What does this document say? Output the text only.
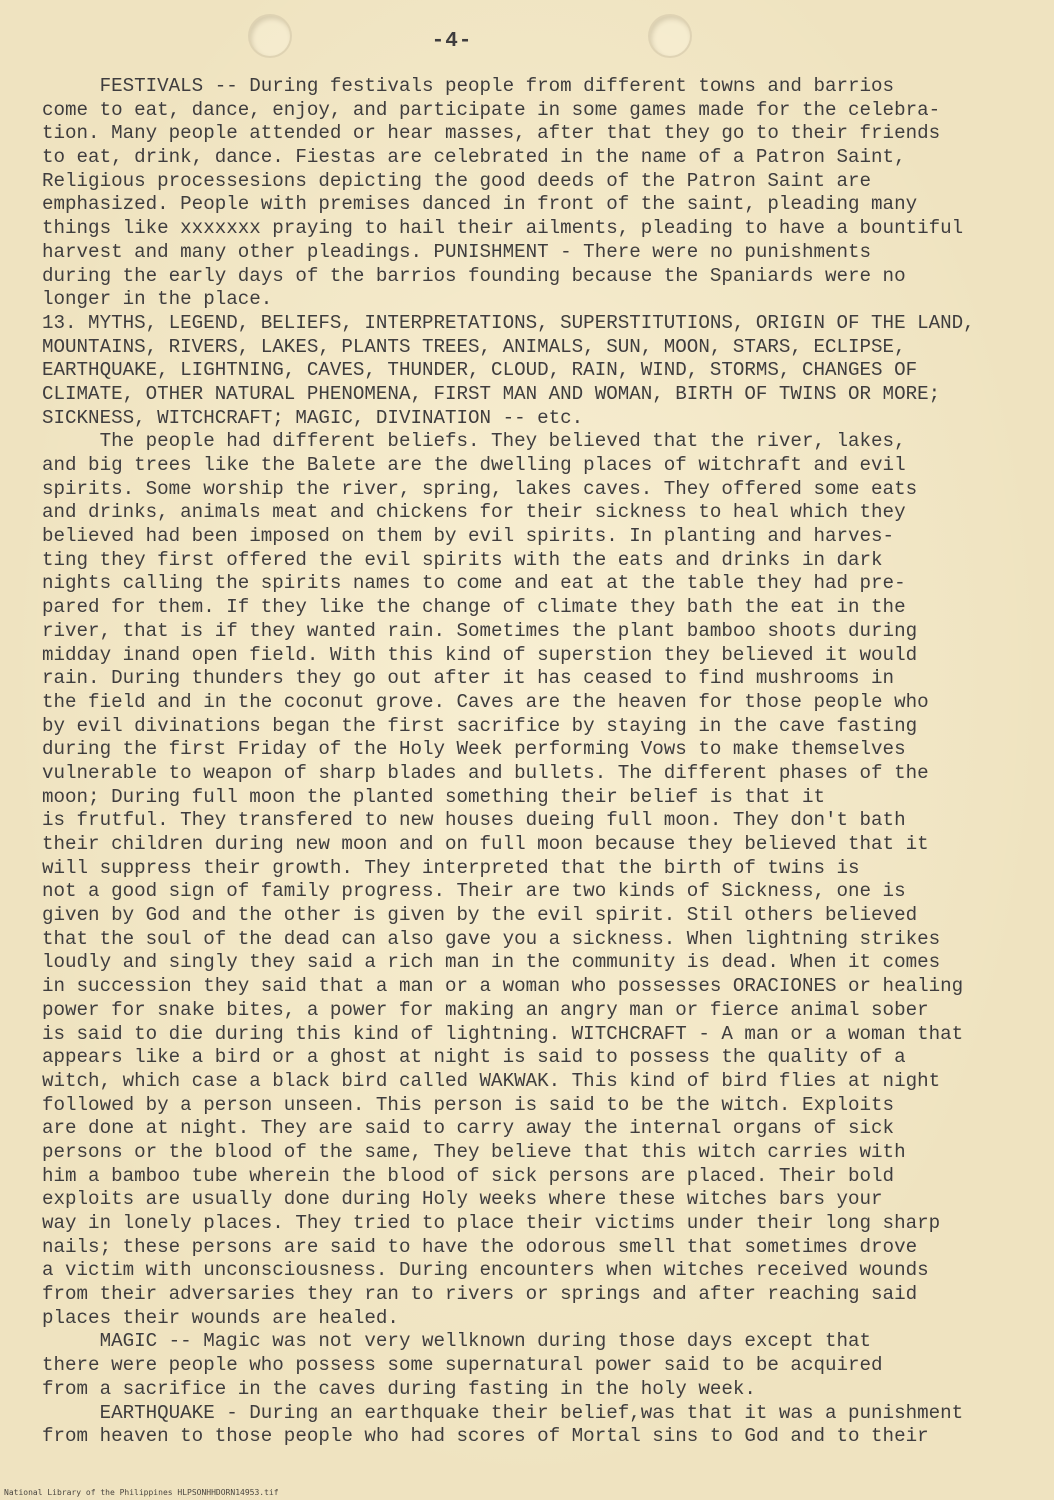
-4-
FESTIVALS -- During festivals people from different towns and barrios
come to eat, dance, enjoy, and participate in some games made for the celebra-
tion. Many people attended or hear masses, after that they go to their friends
to eat, drink, dance. Fiestas are celebrated in the name of a Patron Saint,
Religious processesions depicting the good deeds of the Patron Saint are
emphasized. People with premises danced in front of the saint, pleading many
things like xxxxxxx praying to hail their ailments, pleading to have a bountiful
harvest and many other pleadings. PUNISHMENT - There were no punishments
during the early days of the barrios founding because the Spaniards were no
longer in the place.
13. MYTHS, LEGEND, BELIEFS, INTERPRETATIONS, SUPERSTITUTIONS, ORIGIN OF THE LAND,
MOUNTAINS, RIVERS, LAKES, PLANTS TREES, ANIMALS, SUN, MOON, STARS, ECLIPSE,
EARTHQUAKE, LIGHTNING, CAVES, THUNDER, CLOUD, RAIN, WIND, STORMS, CHANGES OF
CLIMATE, OTHER NATURAL PHENOMENA, FIRST MAN AND WOMAN, BIRTH OF TWINS OR MORE;
SICKNESS, WITCHCRAFT; MAGIC, DIVINATION -- etc.
The people had different beliefs. They believed that the river, lakes,
and big trees like the Balete are the dwelling places of witchraft and evil
spirits. Some worship the river, spring, lakes caves. They offered some eats
and drinks, animals meat and chickens for their sickness to heal which they
believed had been imposed on them by evil spirits. In planting and harves-
ting they first offered the evil spirits with the eats and drinks in dark
nights calling the spirits names to come and eat at the table they had pre-
pared for them. If they like the change of climate they bath the eat in the
river, that is if they wanted rain. Sometimes the plant bamboo shoots during
midday inand open field. With this kind of superstion they believed it would
rain. During thunders they go out after it has ceased to find mushrooms in
the field and in the coconut grove. Caves are the heaven for those people who
by evil divinations began the first sacrifice by staying in the cave fasting
during the first Friday of the Holy Week performing Vows to make themselves
vulnerable to weapon of sharp blades and bullets. The different phases of the
moon; During full moon the planted something their belief is that it
is frutful. They transfered to new houses dueing full moon. They don't bath
their children during new moon and on full moon because they believed that it
will suppress their growth. They interpreted that the birth of twins is
not a good sign of family progress. Their are two kinds of Sickness, one is
given by God and the other is given by the evil spirit. Stil others believed
that the soul of the dead can also gave you a sickness. When lightning strikes
loudly and singly they said a rich man in the community is dead. When it comes
in succession they said that a man or a woman who possesses ORACIONES or healing
power for snake bites, a power for making an angry man or fierce animal sober
is said to die during this kind of lightning. WITCHCRAFT - A man or a woman that
appears like a bird or a ghost at night is said to possess the quality of a
witch, which case a black bird called WAKWAK. This kind of bird flies at night
followed by a person unseen. This person is said to be the witch. Exploits
are done at night. They are said to carry away the internal organs of sick
persons or the blood of the same, They believe that this witch carries with
him a bamboo tube wherein the blood of sick persons are placed. Their bold
exploits are usually done during Holy weeks where these witches bars your
way in lonely places. They tried to place their victims under their long sharp
nails; these persons are said to have the odorous smell that sometimes drove
a victim with unconsciousness. During encounters when witches received wounds
from their adversaries they ran to rivers or springs and after reaching said
places their wounds are healed.
MAGIC -- Magic was not very wellknown during those days except that
there were people who possess some supernatural power said to be acquired
from a sacrifice in the caves during fasting in the holy week.
EARTHQUAKE - During an earthquake their belief,was that it was a punishment
from heaven to those people who had scores of Mortal sins to God and to their
National Library of the Philippines HLPSONHHDORN14953.tif
